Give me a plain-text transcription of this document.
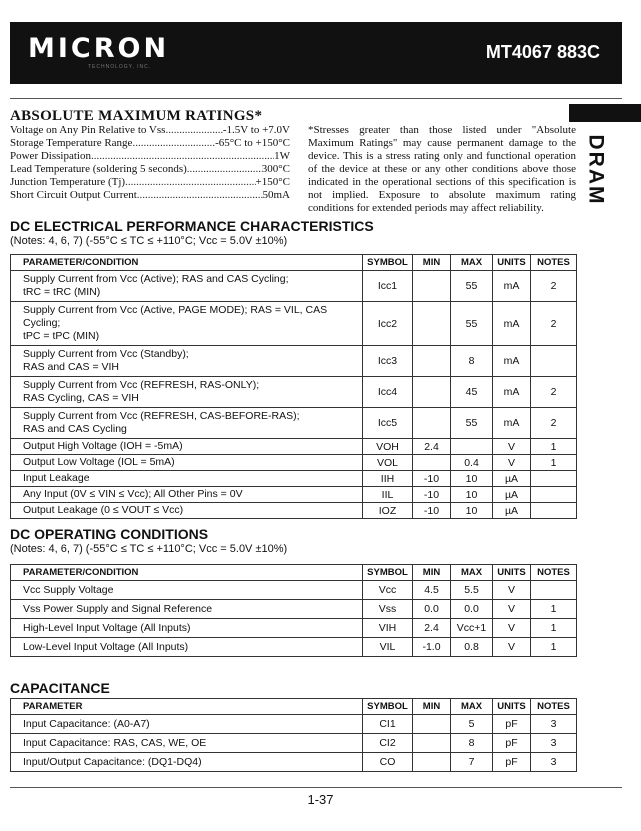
MICRON
TECHNOLOGY, INC.
MT4067 883C
DRAM
ABSOLUTE MAXIMUM RATINGS*
Voltage on Any Pin Relative to Vss .....	-1.5V to +7.0V
Storage Temperature Range .....	-65°C to +150°C
Power Dissipation .....	1W
Lead Temperature (soldering 5 seconds) .....	300°C
Junction Temperature (Tj) .....	+150°C
Short Circuit Output Current .....	50mA
*Stresses greater than those listed under "Absolute Maximum Ratings" may cause permanent damage to the device. This is a stress rating only and functional operation of the device at these or any other conditions above those indicated in the operational sections of this specification is not implied. Exposure to absolute maximum rating conditions for extended periods may affect reliability.
DC ELECTRICAL PERFORMANCE CHARACTERISTICS
(Notes: 4, 6, 7) (-55°C ≤ TC ≤ +110°C; Vcc = 5.0V ±10%)
PARAMETER/CONDITION	SYMBOL	MIN	MAX	UNITS	NOTES

Supply Current from Vcc (Active); RAS and CAS Cycling;
tRC = tRC (MIN)	Icc1		55	mA	2

Supply Current from Vcc (Active, PAGE MODE); RAS = VIL, CAS Cycling;
tPC = tPC (MIN)	Icc2		55	mA	2

Supply Current from Vcc (Standby);
RAS and CAS = VIH	Icc3		8	mA	

Supply Current from Vcc (REFRESH, RAS-ONLY);
RAS Cycling, CAS = VIH	Icc4		45	mA	2

Supply Current from Vcc (REFRESH, CAS-BEFORE-RAS);
RAS and CAS Cycling	Icc5		55	mA	2

Output High Voltage (IOH = -5mA)	VOH	2.4		V	1

Output Low Voltage (IOL = 5mA)	VOL		0.4	V	1

Input Leakage	IIH	-10	10	µA	

Any Input (0V ≤ VIN ≤ Vcc); All Other Pins = 0V	IIL	-10	10	µA	

Output Leakage (0 ≤ VOUT ≤ Vcc)	IOZ	-10	10	µA	
DC OPERATING CONDITIONS
(Notes: 4, 6, 7) (-55°C ≤ TC ≤ +110°C; Vcc = 5.0V ±10%)
PARAMETER/CONDITION	SYMBOL	MIN	MAX	UNITS	NOTES
Vcc Supply Voltage	Vcc	4.5	5.5	V	
Vss Power Supply and Signal Reference	Vss	0.0	0.0	V	1
High-Level Input Voltage (All Inputs)	VIH	2.4	Vcc+1	V	1
Low-Level Input Voltage (All Inputs)	VIL	-1.0	0.8	V	1
CAPACITANCE
PARAMETER	SYMBOL	MIN	MAX	UNITS	NOTES
Input Capacitance: (A0-A7)	CI1		5	pF	3
Input Capacitance: RAS, CAS, WE, OE	CI2		8	pF	3
Input/Output Capacitance: (DQ1-DQ4)	CO		7	pF	3
1-37
